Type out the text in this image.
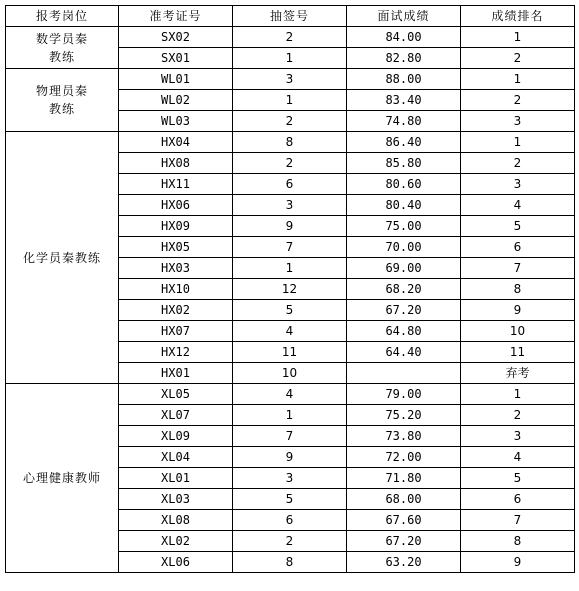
报考岗位	准考证号	抽签号	面试成绩	成绩排名
数学员秦
教练	SX02	2	84.00	1
	SX01	1	82.80	2
物理员秦
教练	WL01	3	88.00	1
	WL02	1	83.40	2
	WL03	2	74.80	3
化学员秦教练	HX04	8	86.40	1
	HX08	2	85.80	2
	HX11	6	80.60	3
	HX06	3	80.40	4
	HX09	9	75.00	5
	HX05	7	70.00	6
	HX03	1	69.00	7
	HX10	12	68.20	8
	HX02	5	67.20	9
	HX07	4	64.80	10
	HX12	11	64.40	11
	HX01	10		弃考
心理健康教师	XL05	4	79.00	1
	XL07	1	75.20	2
	XL09	7	73.80	3
	XL04	9	72.00	4
	XL01	3	71.80	5
	XL03	5	68.00	6
	XL08	6	67.60	7
	XL02	2	67.20	8
	XL06	8	63.20	9
